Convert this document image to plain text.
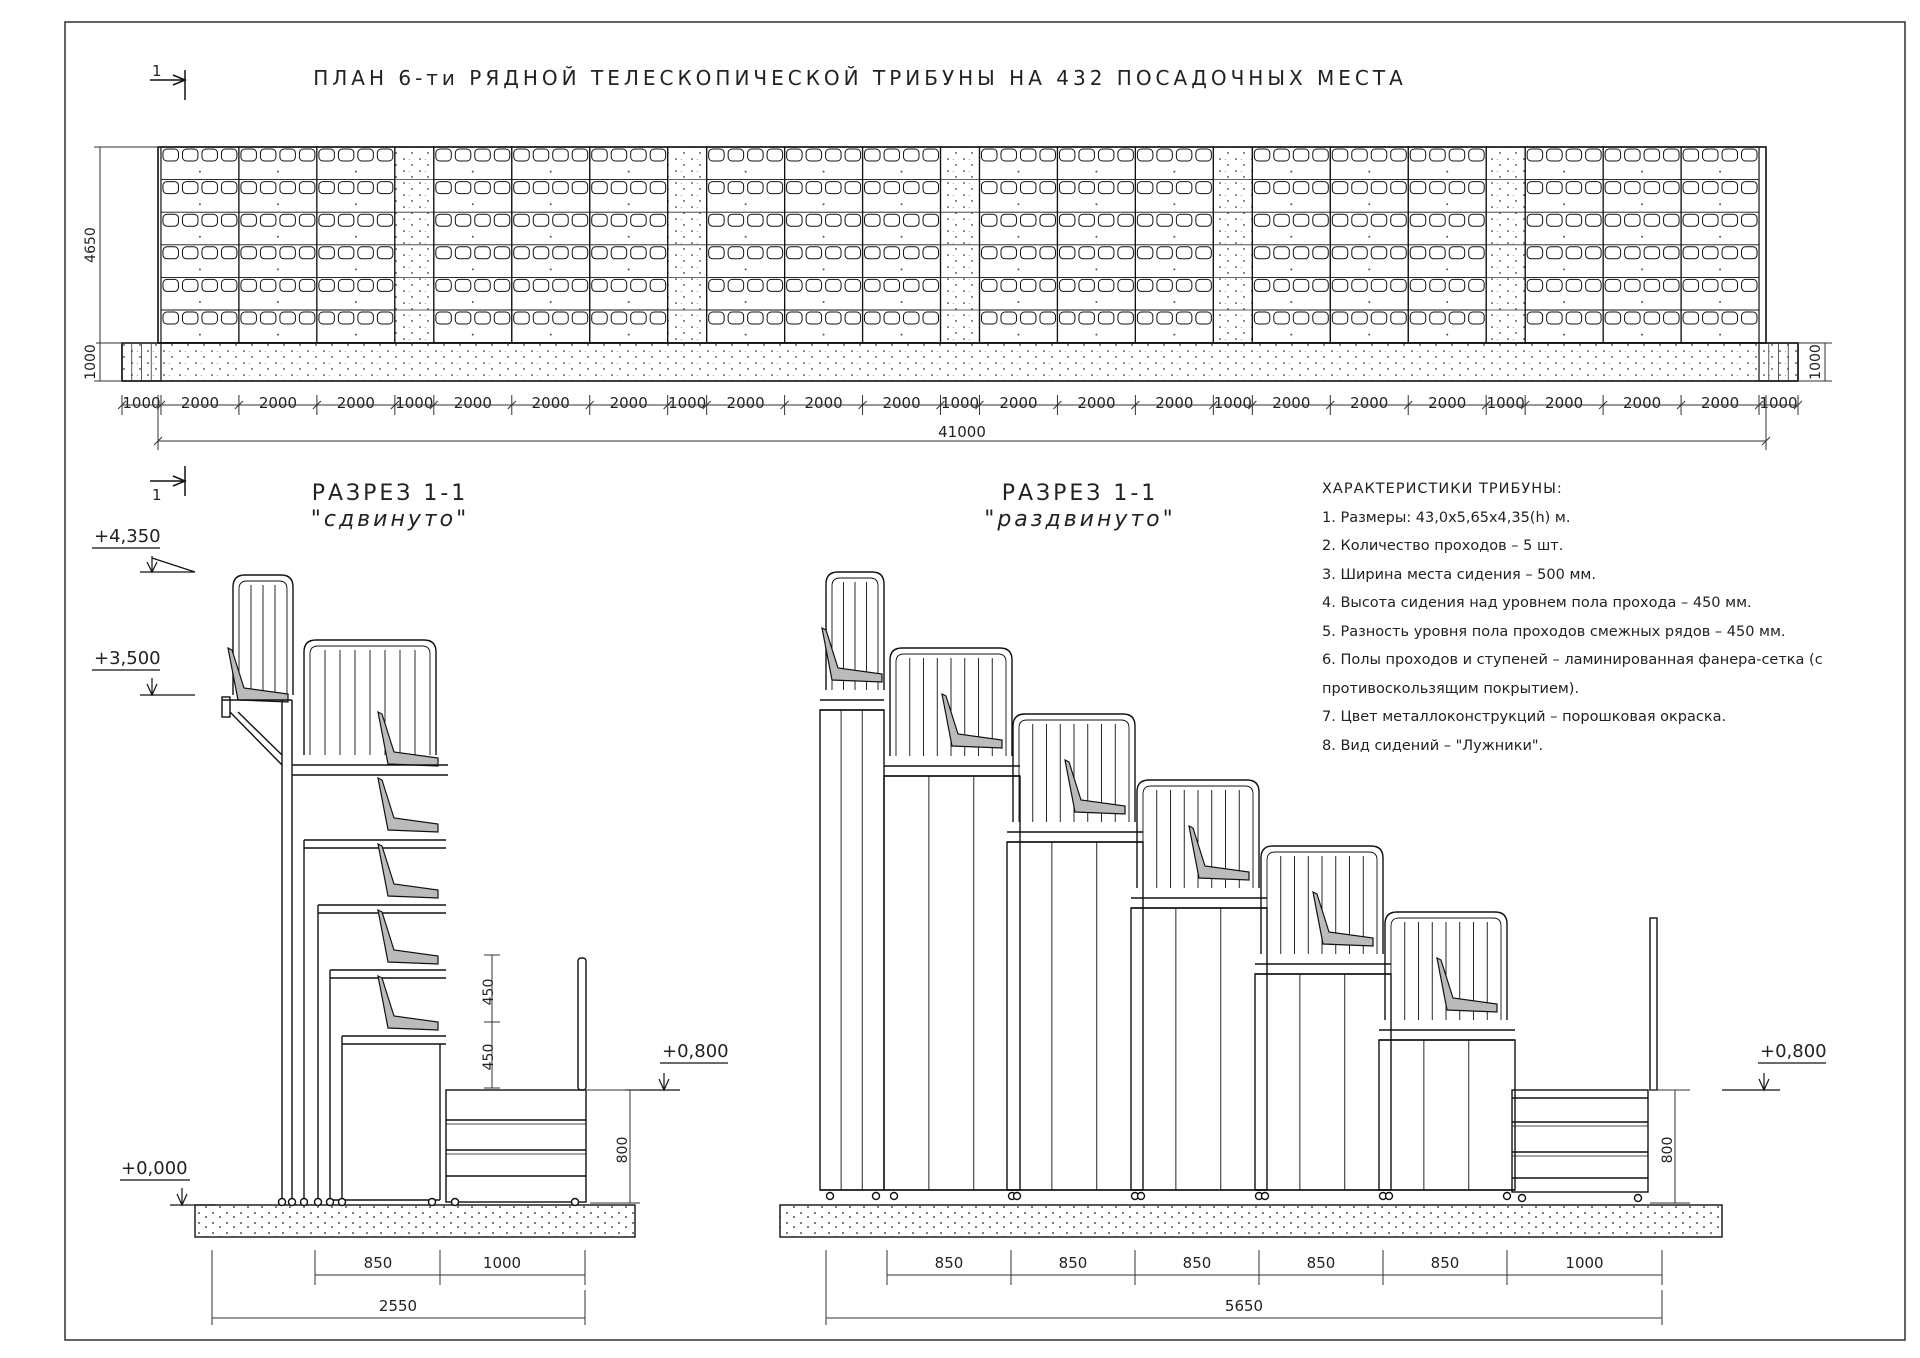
ПЛАН 6-ти РЯДНОЙ ТЕЛЕСКОПИЧЕСКОЙ ТРИБУНЫ НА 432 ПОСАДОЧНЫХ МЕСТА
1
4650
1000	1000
1000 2000	2000	2000 1000 2000	2000	2000 1000 2000	2000	2000 1000 2000	2000	2000 1000 2000	2000	2000 1000 2000	2000	2000 1000
41000
1	РАЗРЕЗ 1-1
"сдвинуто"
+4,350
+3,500
+0,000
+0,800
450
450
800
850	1000
2550
РАЗРЕЗ 1-1
"раздвинуто"
+0,800
800
850	850	850	850	850	1000
5650
ХАРАКТЕРИСТИКИ ТРИБУНЫ:
1. Размеры: 43,0х5,65х4,35(h) м.
2. Количество проходов – 5 шт.
3. Ширина места сидения – 500 мм.
4. Высота сидения над уровнем пола прохода – 450 мм.
5. Разность уровня пола проходов смежных рядов – 450 мм.
6. Полы проходов и ступеней – ламинированная фанера-сетка (с противоскользящим покрытием).
7. Цвет металлоконструкций – порошковая окраска.
8. Вид сидений – "Лужники".
